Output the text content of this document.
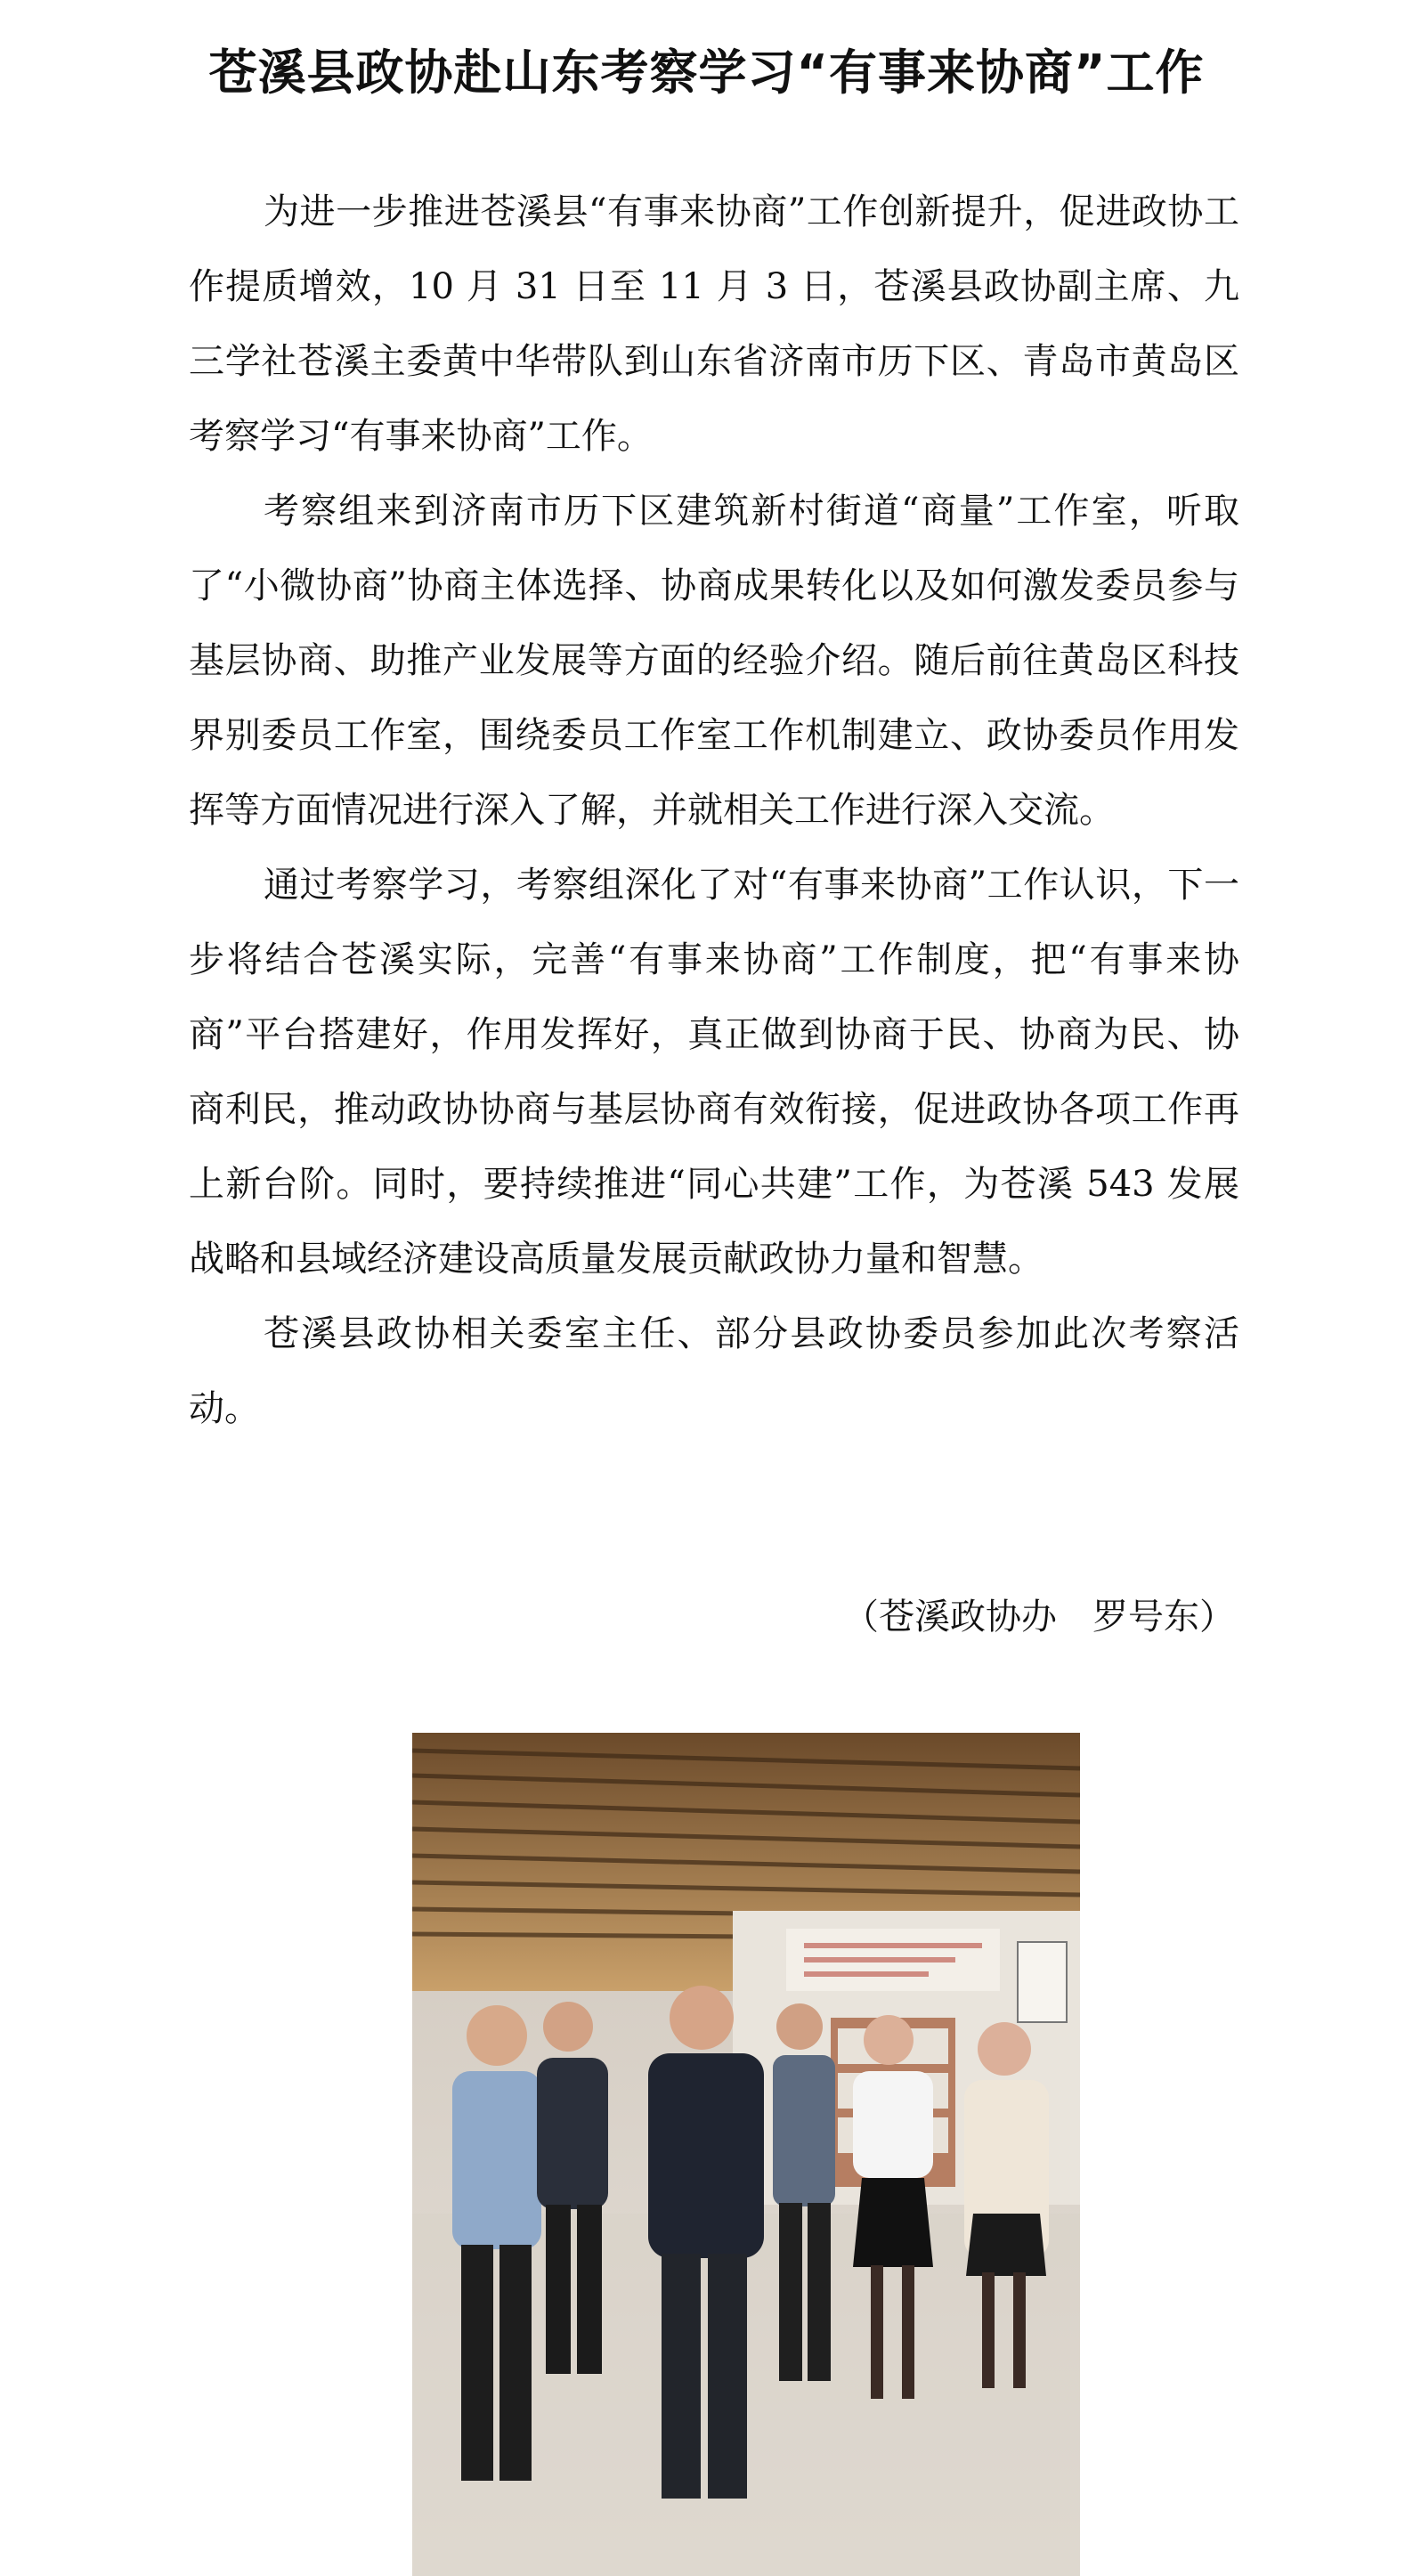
苍溪县政协赴山东考察学习“有事来协商”工作

为进一步推进苍溪县“有事来协商”工作创新提升，促进政协工作提质增效，10 月 31 日至 11 月 3 日，苍溪县政协副主席、九三学社苍溪主委黄中华带队到山东省济南市历下区、青岛市黄岛区考察学习“有事来协商”工作。

考察组来到济南市历下区建筑新村街道“商量”工作室，听取了“小微协商”协商主体选择、协商成果转化以及如何激发委员参与基层协商、助推产业发展等方面的经验介绍。随后前往黄岛区科技界别委员工作室，围绕委员工作室工作机制建立、政协委员作用发挥等方面情况进行深入了解，并就相关工作进行深入交流。

通过考察学习，考察组深化了对“有事来协商”工作认识，下一步将结合苍溪实际，完善“有事来协商”工作制度，把“有事来协商”平台搭建好，作用发挥好，真正做到协商于民、协商为民、协商利民，推动政协协商与基层协商有效衔接，促进政协各项工作再上新台阶。同时，要持续推进“同心共建”工作，为苍溪 543 发展战略和县域经济建设高质量发展贡献政协力量和智慧。

苍溪县政协相关委室主任、部分县政协委员参加此次考察活动。

（苍溪政协办　罗号东）
